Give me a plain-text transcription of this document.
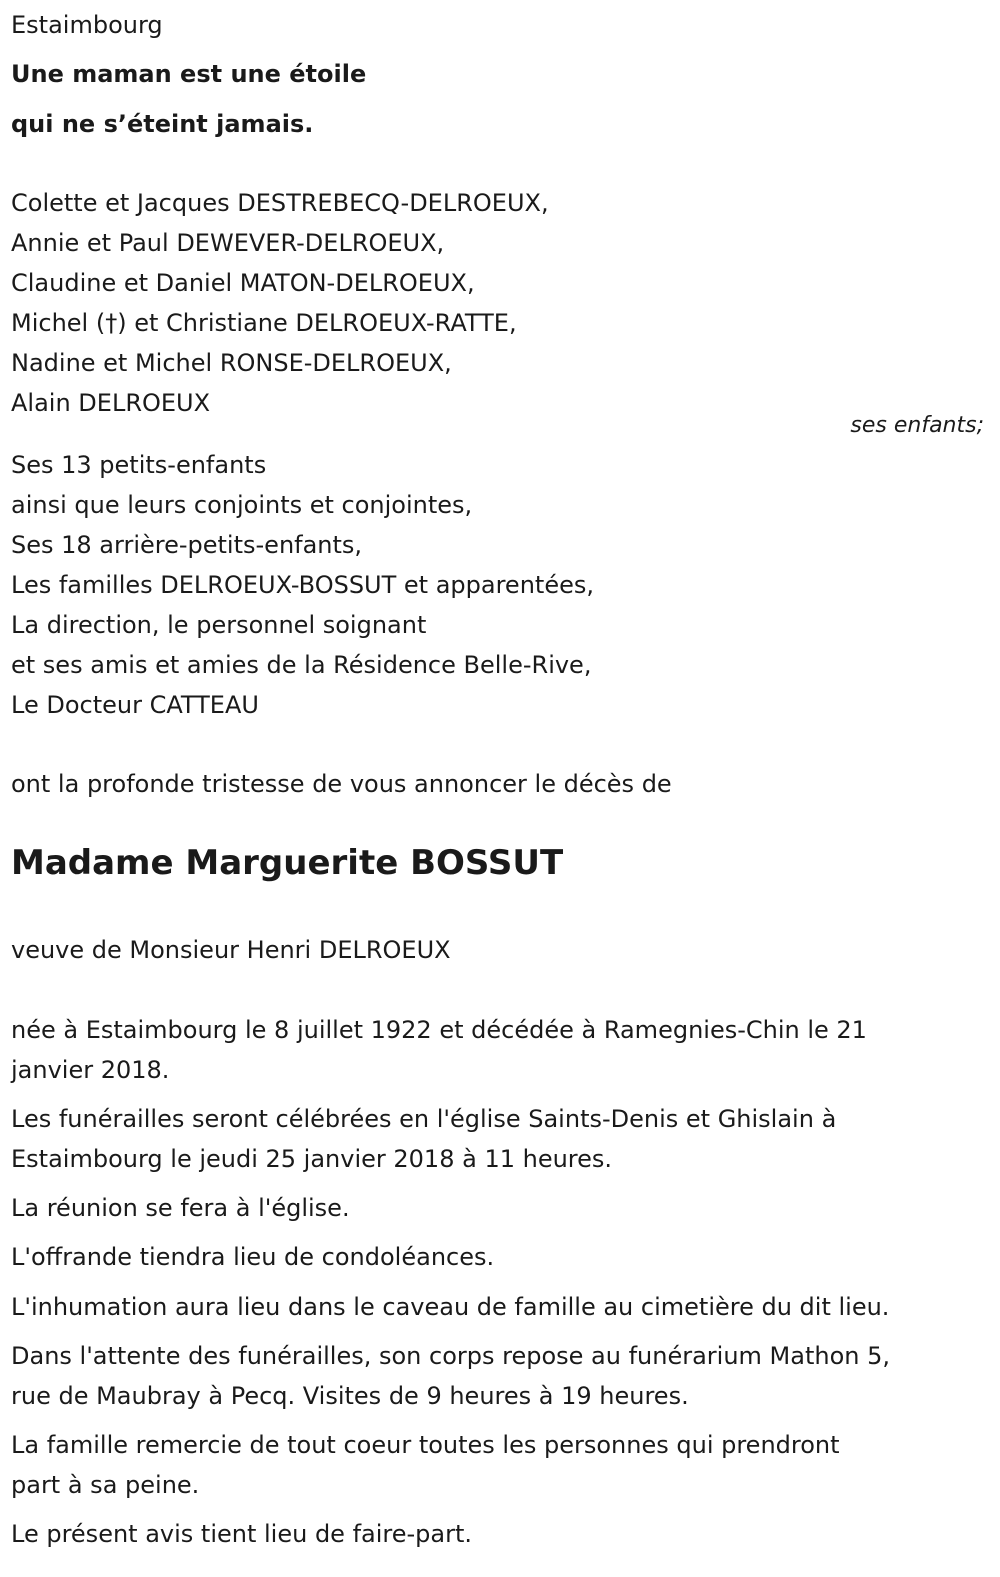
Estaimbourg
Une maman est une étoile
qui ne s’éteint jamais.
Colette et Jacques DESTREBECQ-DELROEUX,
Annie et Paul DEWEVER-DELROEUX,
Claudine et Daniel MATON-DELROEUX,
Michel (†) et Christiane DELROEUX-RATTE,
Nadine et Michel RONSE-DELROEUX,
Alain DELROEUX
ses enfants;
Ses 13 petits-enfants
ainsi que leurs conjoints et conjointes,
Ses 18 arrière-petits-enfants,
Les familles DELROEUX-BOSSUT et apparentées,
La direction, le personnel soignant
et ses amis et amies de la Résidence Belle-Rive,
Le Docteur CATTEAU
ont la profonde tristesse de vous annoncer le décès de
Madame Marguerite BOSSUT
veuve de Monsieur Henri DELROEUX
née à Estaimbourg le 8 juillet 1922 et décédée à Ramegnies-Chin le 21
janvier 2018.
Les funérailles seront célébrées en l'église Saints-Denis et Ghislain à
Estaimbourg le jeudi 25 janvier 2018 à 11 heures.
La réunion se fera à l'église.
L'offrande tiendra lieu de condoléances.
L'inhumation aura lieu dans le caveau de famille au cimetière du dit lieu.
Dans l'attente des funérailles, son corps repose au funérarium Mathon 5,
rue de Maubray à Pecq. Visites de 9 heures à 19 heures.
La famille remercie de tout coeur toutes les personnes qui prendront
part à sa peine.
Le présent avis tient lieu de faire-part.
